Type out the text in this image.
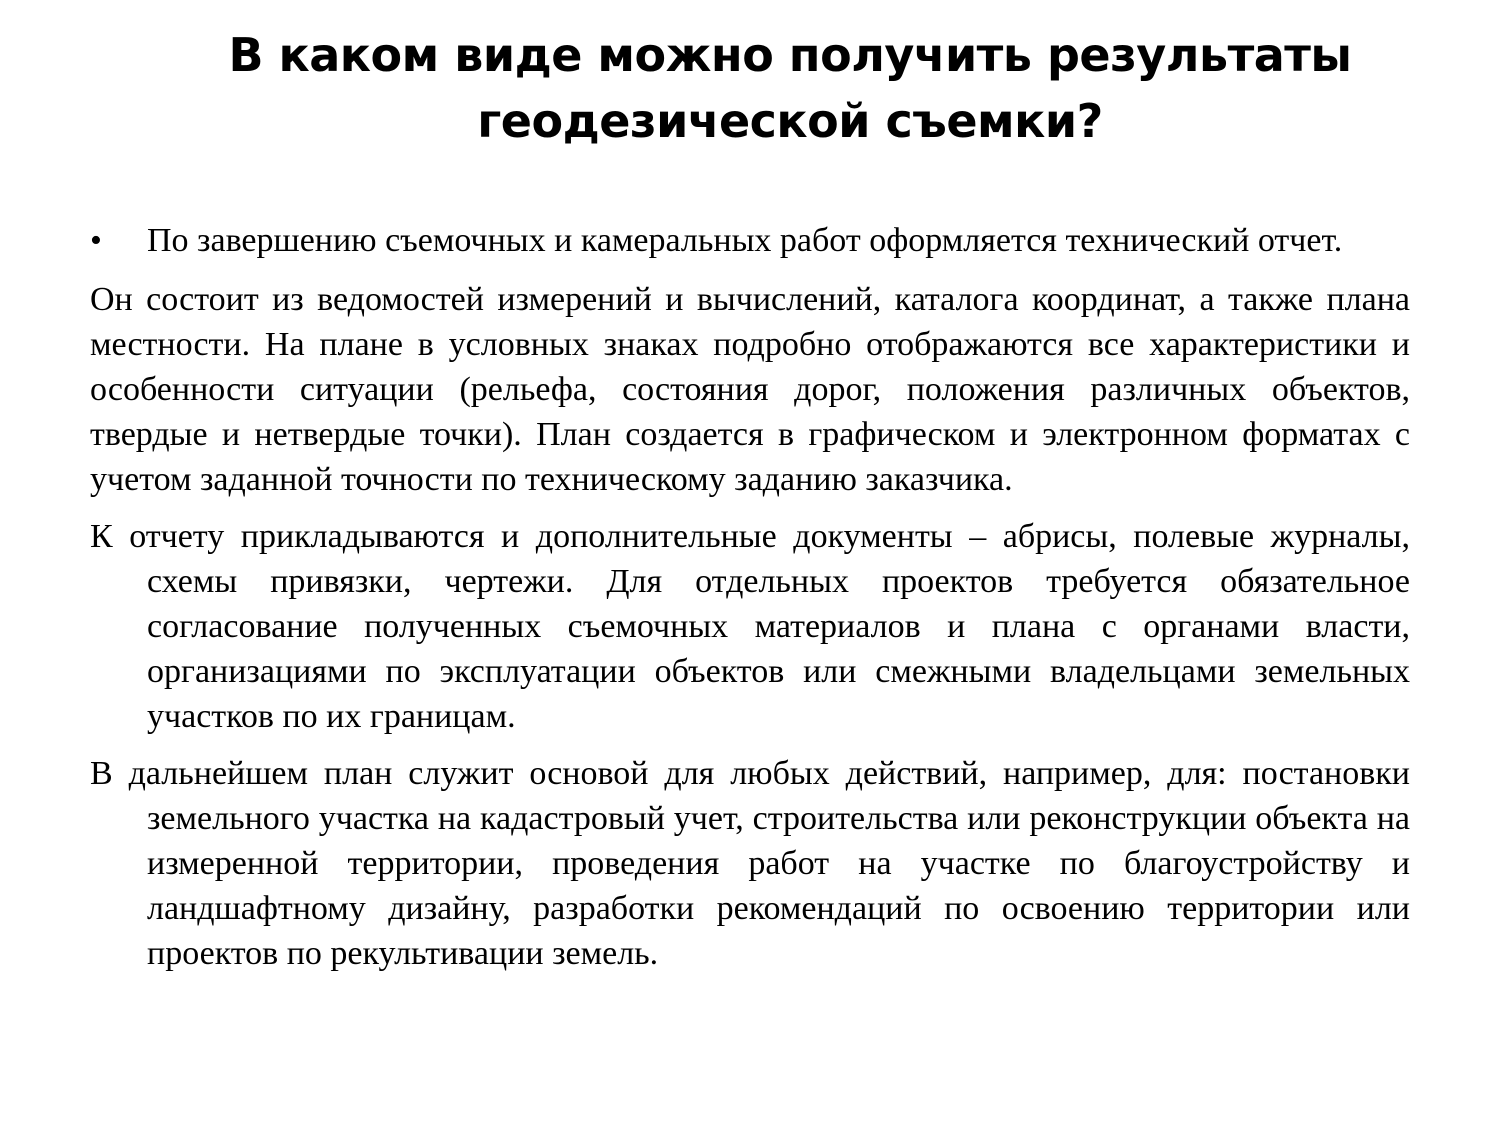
В каком виде можно получить результаты геодезической съемки?
• По завершению съемочных и камеральных работ оформляется технический отчет.

Он состоит из ведомостей измерений и вычислений, каталога координат, а также плана местности. На плане в условных знаках подробно отображаются все характеристики и особенности ситуации (рельефа, состояния дорог, положения различных объектов, твердые и нетвердые точки). План создается в графическом и электронном форматах с учетом заданной точности по техническому заданию заказчика.

К отчету прикладываются и дополнительные документы – абрисы, полевые журналы, схемы привязки, чертежи. Для отдельных проектов требуется обязательное согласование полученных съемочных материалов и плана с органами власти, организациями по эксплуатации объектов или смежными владельцами земельных участков по их границам.

В дальнейшем план служит основой для любых действий, например, для: постановки земельного участка на кадастровый учет, строительства или реконструкции объекта на измеренной территории, проведения работ на участке по благоустройству и ландшафтному дизайну, разработки рекомендаций по освоению территории или проектов по рекультивации земель.
